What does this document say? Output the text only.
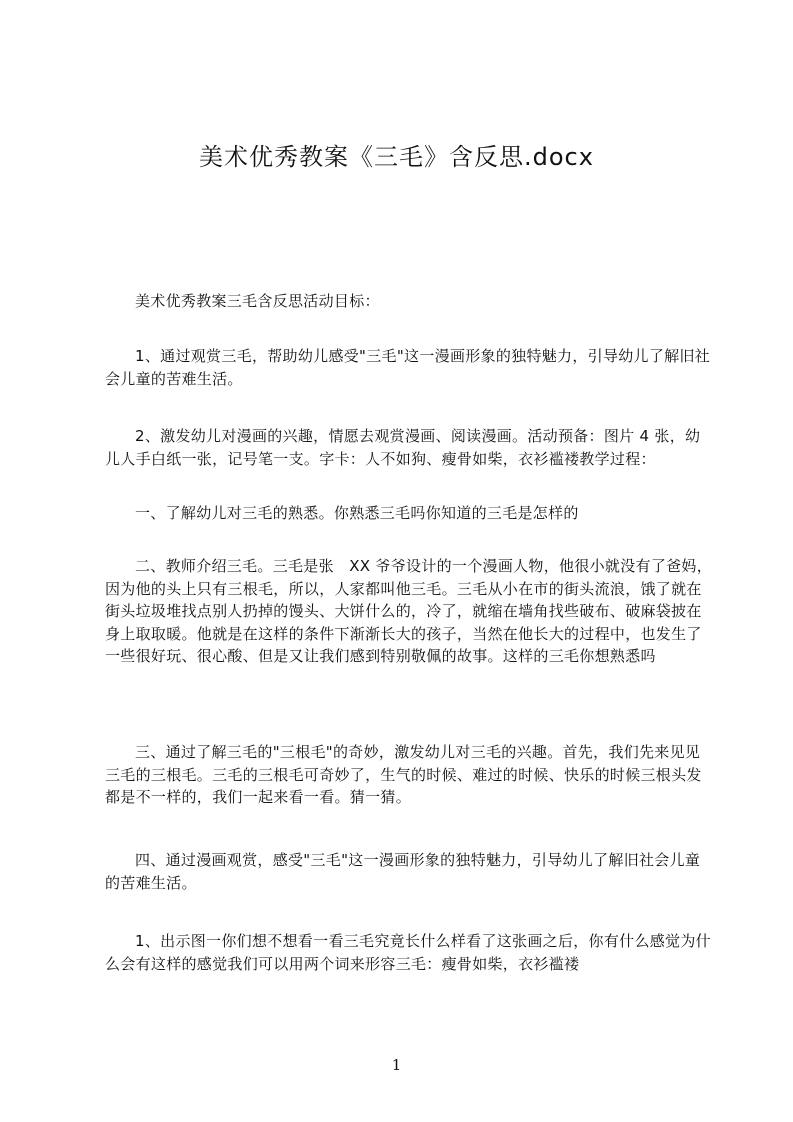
美术优秀教案《三毛》含反思.docx
美术优秀教案三毛含反思活动目标：
1、通过观赏三毛，帮助幼儿感受"三毛"这一漫画形象的独特魅力，引导幼儿了解旧社会儿童的苦难生活。
2、激发幼儿对漫画的兴趣，情愿去观赏漫画、阅读漫画。活动预备：图片 4 张，幼儿人手白纸一张，记号笔一支。字卡：人不如狗、瘦骨如柴，衣衫褴褛教学过程：
一、了解幼儿对三毛的熟悉。你熟悉三毛吗你知道的三毛是怎样的
二、教师介绍三毛。三毛是张　XX 爷爷设计的一个漫画人物，他很小就没有了爸妈，因为他的头上只有三根毛，所以，人家都叫他三毛。三毛从小在市的街头流浪，饿了就在街头垃圾堆找点别人扔掉的馒头、大饼什么的，冷了，就缩在墙角找些破布、破麻袋披在身上取取暖。他就是在这样的条件下渐渐长大的孩子，当然在他长大的过程中，也发生了一些很好玩、很心酸、但是又让我们感到特别敬佩的故事。这样的三毛你想熟悉吗
三、通过了解三毛的"三根毛"的奇妙，激发幼儿对三毛的兴趣。首先，我们先来见见三毛的三根毛。三毛的三根毛可奇妙了，生气的时候、难过的时候、快乐的时候三根头发都是不一样的，我们一起来看一看。猜一猜。
四、通过漫画观赏，感受"三毛"这一漫画形象的独特魅力，引导幼儿了解旧社会儿童的苦难生活。
1、出示图一你们想不想看一看三毛究竟长什么样看了这张画之后，你有什么感觉为什么会有这样的感觉我们可以用两个词来形容三毛：瘦骨如柴，衣衫褴褛
1
